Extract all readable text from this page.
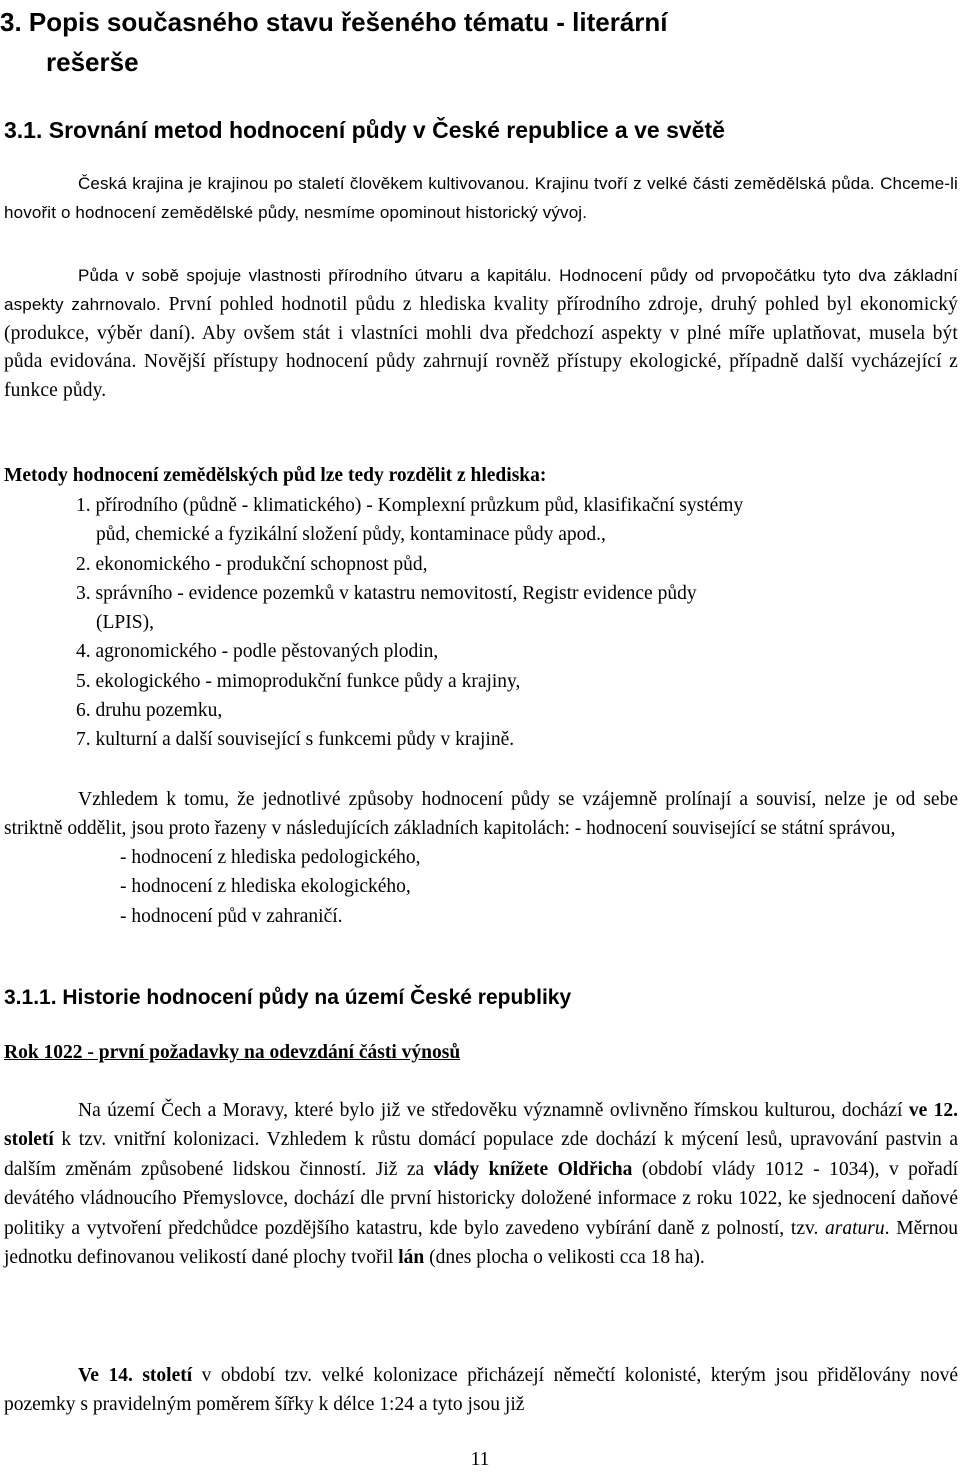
3. Popis současného stavu řešeného tématu - literární
rešerše
3.1. Srovnání metod hodnocení půdy v České republice a ve světě

Česká krajina je krajinou po staletí člověkem kultivovanou. Krajinu tvoří z velké části zemědělská půda. Chceme-li hovořit o hodnocení zemědělské půdy, nesmíme opominout historický vývoj.

Půda v sobě spojuje vlastnosti přírodního útvaru a kapitálu. Hodnocení půdy od prvopočátku tyto dva základní aspekty zahrnovalo. První pohled hodnotil půdu z hlediska kvality přírodního zdroje, druhý pohled byl ekonomický (produkce, výběr daní). Aby ovšem stát i vlastníci mohli dva předchozí aspekty v plné míře uplatňovat, musela být půda evidována. Novější přístupy hodnocení půdy zahrnují rovněž přístupy ekologické, případně další vycházející z funkce půdy.

Metody hodnocení zemědělských půd lze tedy rozdělit z hlediska:
1. přírodního (půdně - klimatického) - Komplexní průzkum půd, klasifikační systémy
půd, chemické a fyzikální složení půdy, kontaminace půdy apod.,
2. ekonomického - produkční schopnost půd,
3. správního - evidence pozemků v katastru nemovitostí, Registr evidence půdy
(LPIS),
4. agronomického - podle pěstovaných plodin,
5. ekologického - mimoprodukční funkce půdy a krajiny,
6. druhu pozemku,
7. kulturní a další související s funkcemi půdy v krajině.

Vzhledem k tomu, že jednotlivé způsoby hodnocení půdy se vzájemně prolínají a souvisí, nelze je od sebe striktně oddělit, jsou proto řazeny v následujících základních kapitolách: - hodnocení související se státní správou,

- hodnocení z hlediska pedologického,
- hodnocení z hlediska ekologického,
- hodnocení půd v zahraničí.
3.1.1. Historie hodnocení půdy na území České republiky
Rok 1022 - první požadavky na odevzdání části výnosů

Na území Čech a Moravy, které bylo již ve středověku významně ovlivněno římskou kulturou, dochází ve 12. století k tzv. vnitřní kolonizaci. Vzhledem k růstu domácí populace zde dochází k mýcení lesů, upravování pastvin a dalším změnám způsobené lidskou činností. Již za vlády knížete Oldřicha (období vlády 1012 - 1034), v pořadí devátého vládnoucího Přemyslovce, dochází dle první historicky doložené informace z roku 1022, ke sjednocení daňové politiky a vytvoření předchůdce pozdějšího katastru, kde bylo zavedeno vybírání daně z polností, tzv. araturu. Měrnou jednotku definovanou velikostí dané plochy tvořil lán (dnes plocha o velikosti cca 18 ha).

Ve 14. století v období tzv. velké kolonizace přicházejí němečtí kolonisté, kterým jsou přidělovány nové pozemky s pravidelným poměrem šířky k délce 1:24 a tyto jsou již

11
